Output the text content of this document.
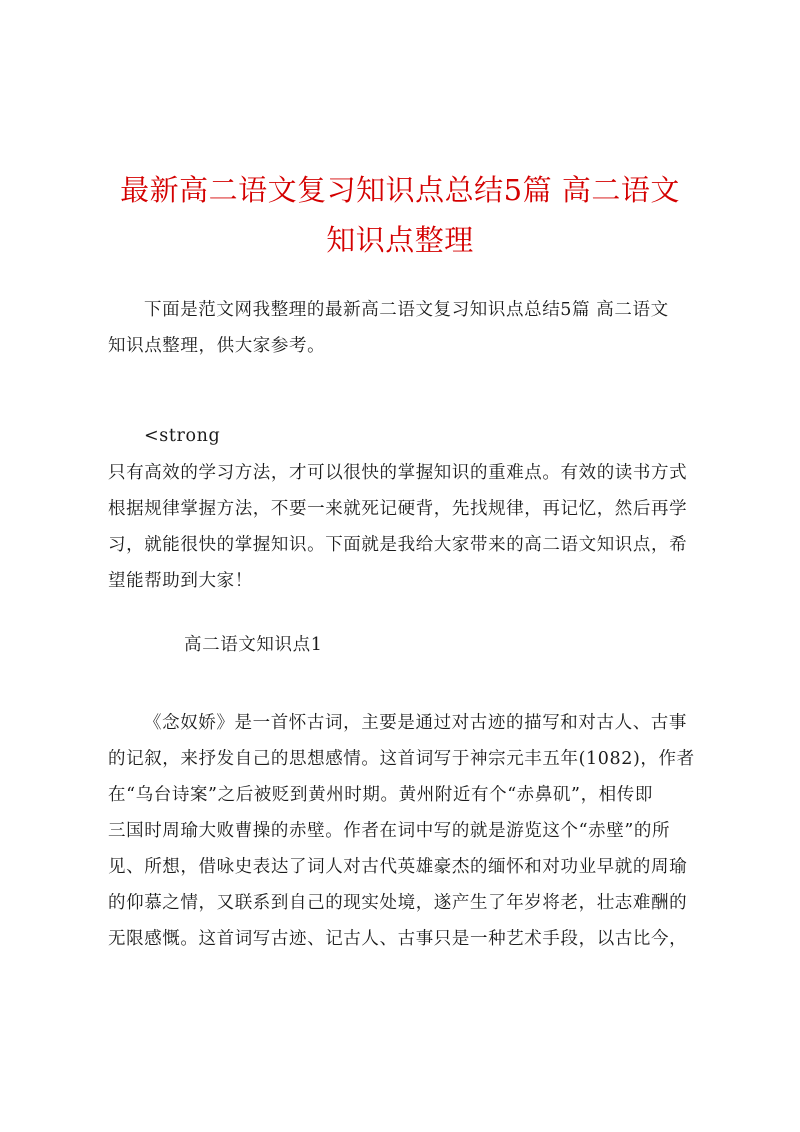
最新高二语文复习知识点总结5篇 高二语文
知识点整理

下面是范文网我整理的最新高二语文复习知识点总结5篇 高二语文
知识点整理，供大家参考。

<strong

只有高效的学习方法，才可以很快的掌握知识的重难点。有效的读书方式
根据规律掌握方法，不要一来就死记硬背，先找规律，再记忆，然后再学
习，就能很快的掌握知识。下面就是我给大家带来的高二语文知识点，希
望能帮助到大家！

高二语文知识点1

《念奴娇》是一首怀古词，主要是通过对古迹的描写和对古人、古事
的记叙，来抒发自己的思想感情。这首词写于神宗元丰五年(1082)，作者
在“乌台诗案”之后被贬到黄州时期。黄州附近有个“赤鼻矶”，相传即
三国时周瑜大败曹操的赤壁。作者在词中写的就是游览这个“赤壁”的所
见、所想，借咏史表达了词人对古代英雄豪杰的缅怀和对功业早就的周瑜
的仰慕之情，又联系到自己的现实处境，遂产生了年岁将老，壮志难酬的
无限感慨。这首词写古迹、记古人、古事只是一种艺术手段，以古比今，
